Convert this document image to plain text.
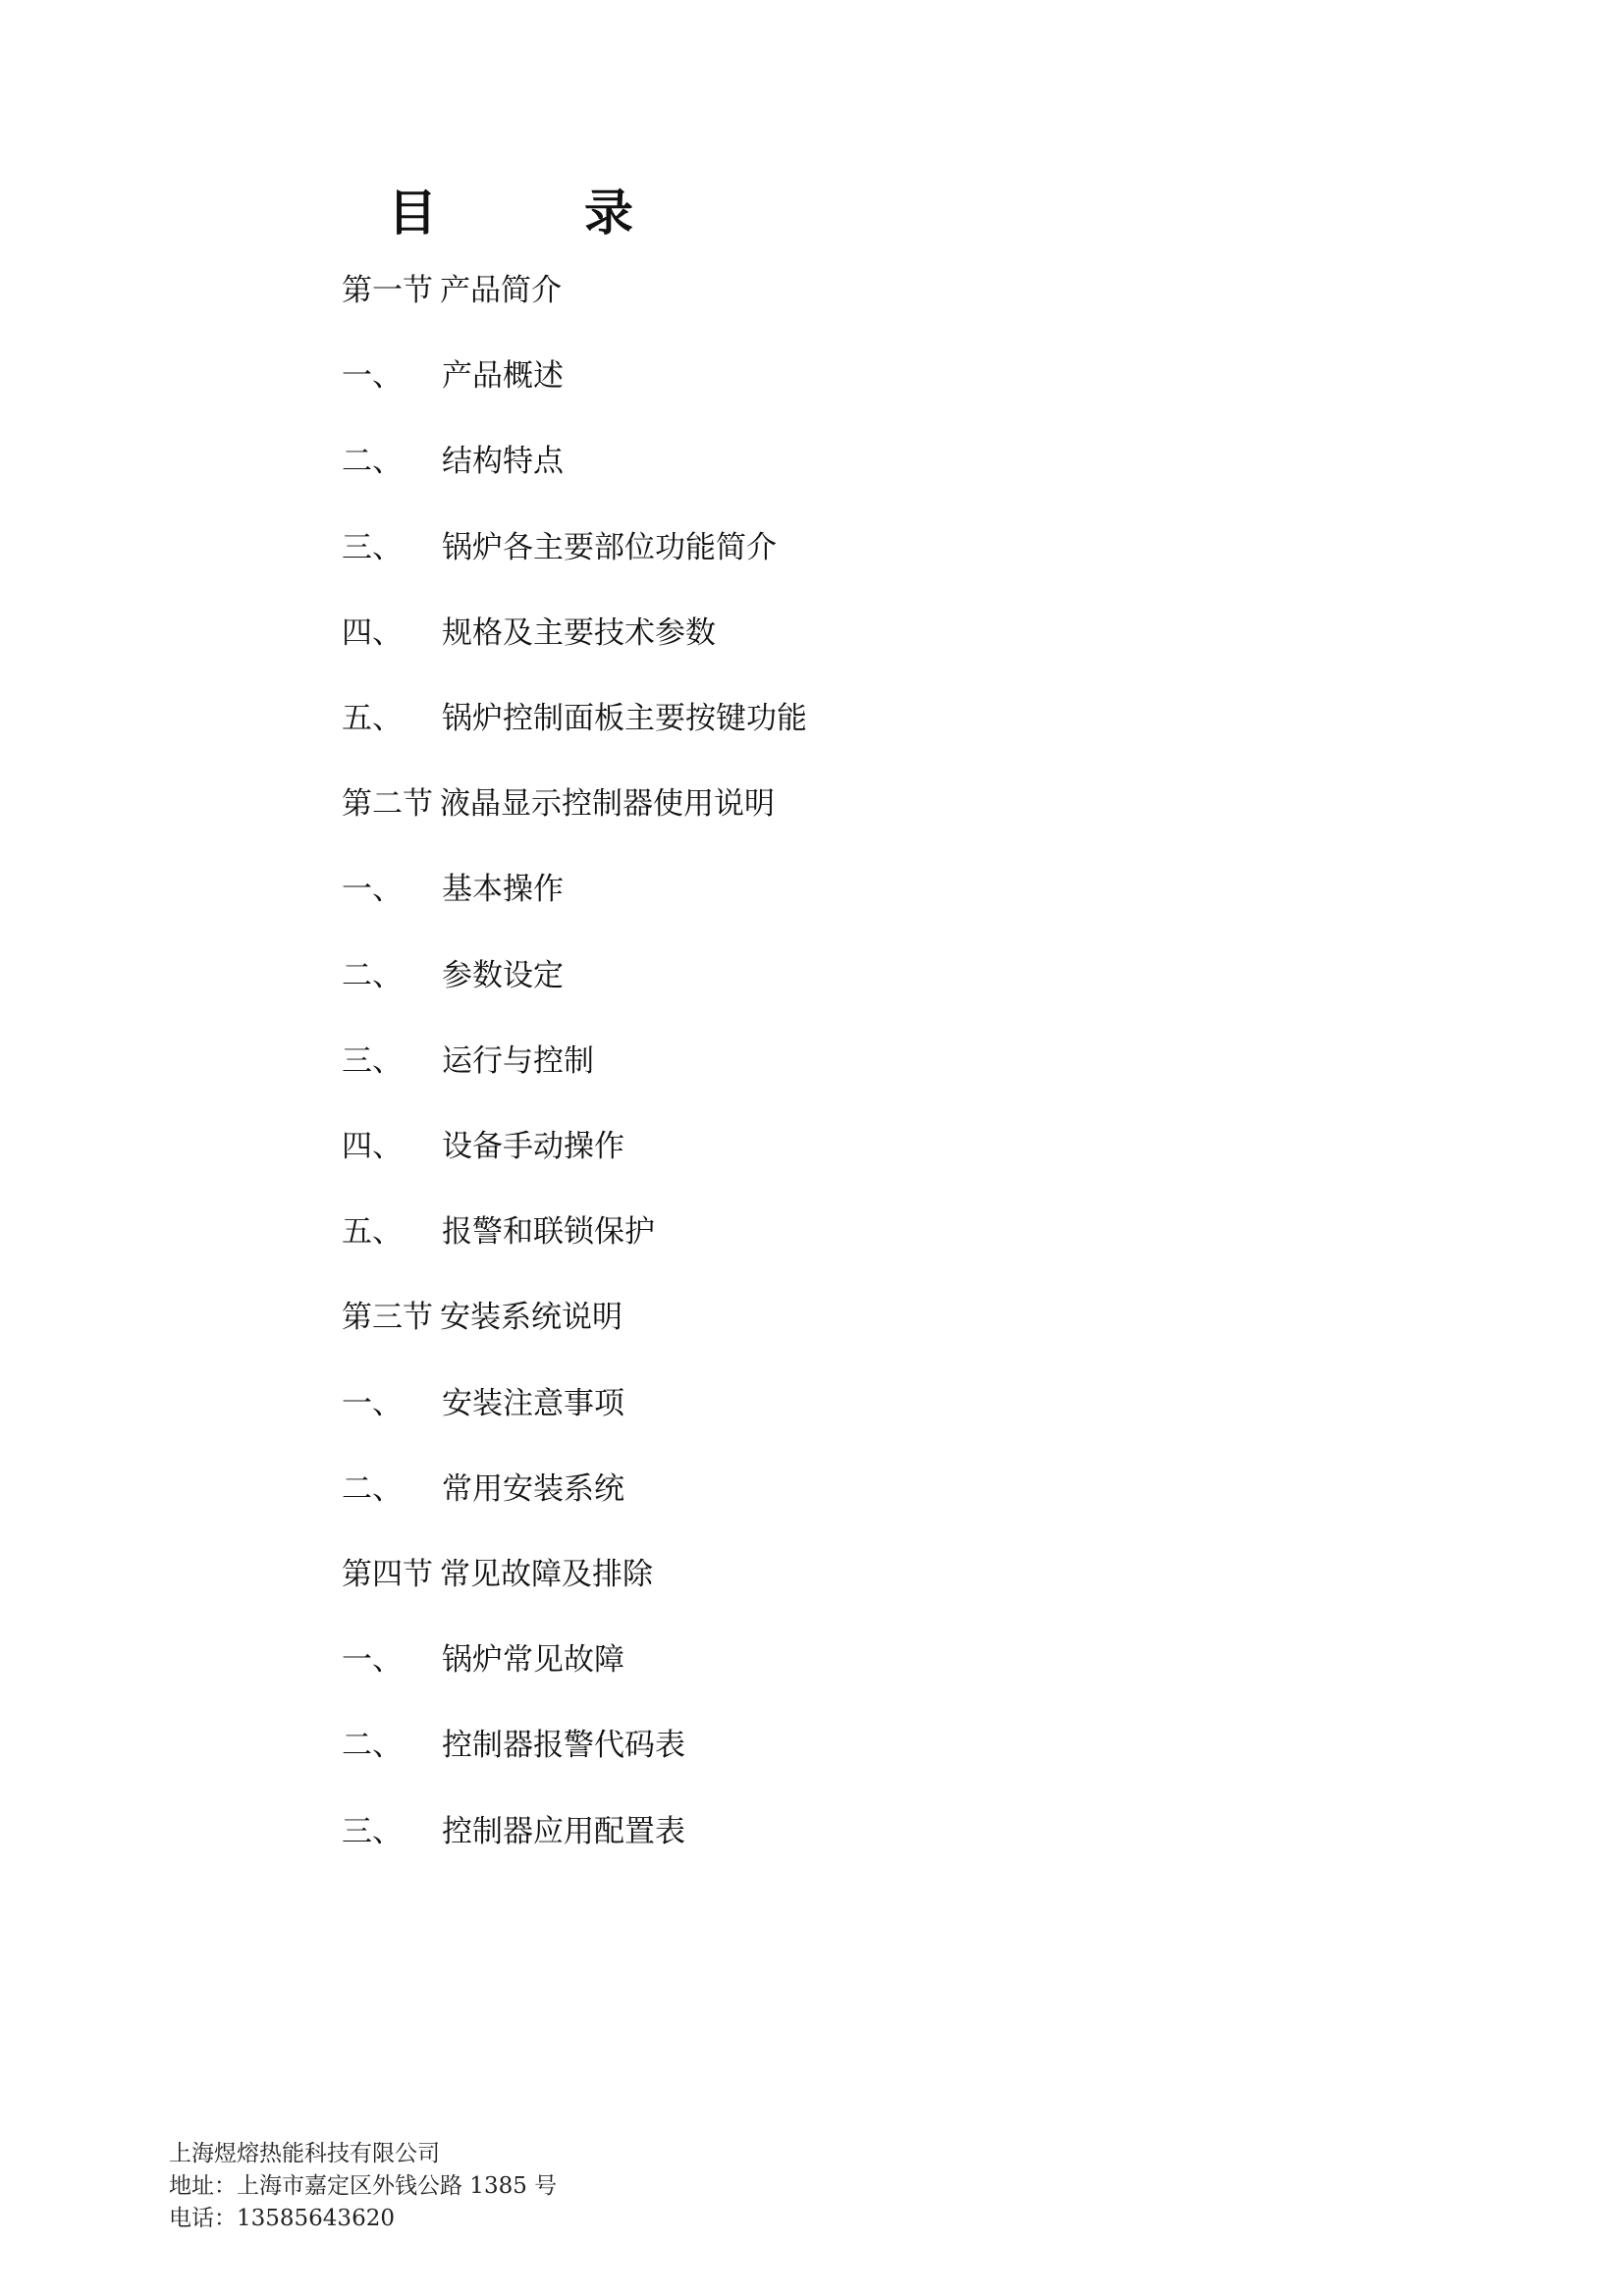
目	录
第一节 产品简介
一、 产品概述
二、 结构特点
三、 锅炉各主要部位功能简介
四、 规格及主要技术参数
五、 锅炉控制面板主要按键功能
第二节 液晶显示控制器使用说明
一、 基本操作
二、 参数设定
三、 运行与控制
四、 设备手动操作
五、 报警和联锁保护
第三节 安装系统说明
一、 安装注意事项
二、 常用安装系统
第四节 常见故障及排除
一、 锅炉常见故障
二、 控制器报警代码表
三、 控制器应用配置表
上海煜熔热能科技有限公司
地址：上海市嘉定区外钱公路 1385 号
电话：13585643620
